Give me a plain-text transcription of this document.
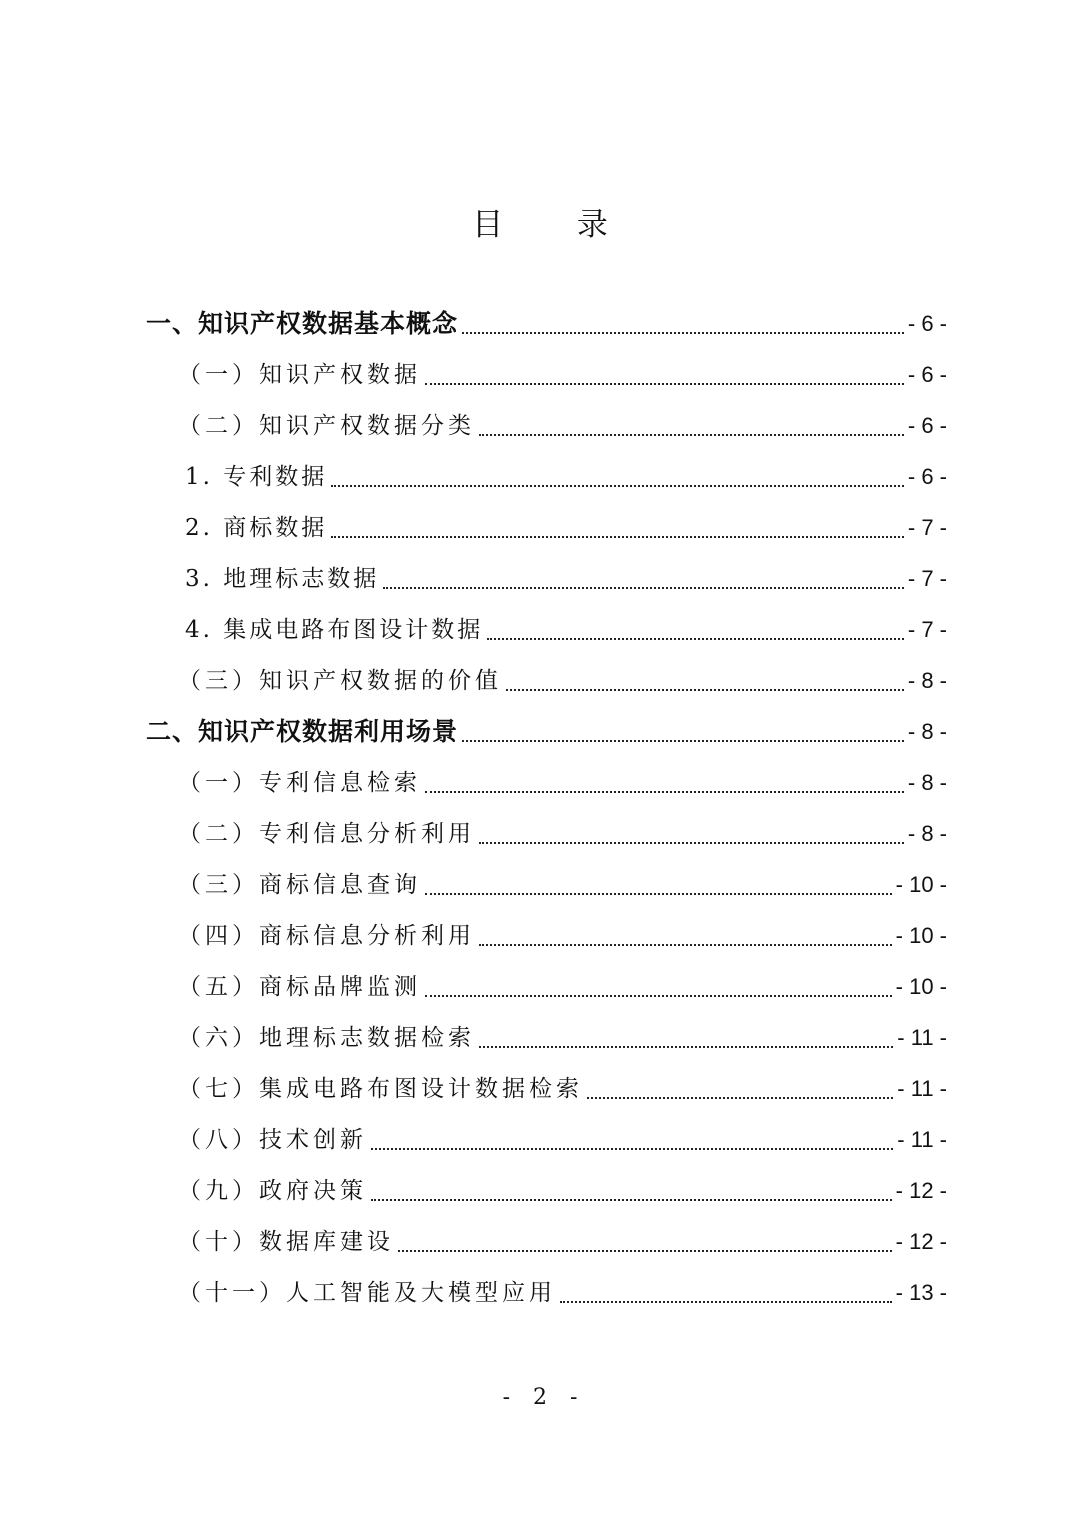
目 录
一、知识产权数据基本概念	- 6 -
（一）知识产权数据	- 6 -
（二）知识产权数据分类	- 6 -
1. 专利数据	- 6 -
2. 商标数据	- 7 -
3. 地理标志数据	- 7 -
4. 集成电路布图设计数据	- 7 -
（三）知识产权数据的价值	- 8 -
二、知识产权数据利用场景	- 8 -
（一）专利信息检索	- 8 -
（二）专利信息分析利用	- 8 -
（三）商标信息查询	- 10 -
（四）商标信息分析利用	- 10 -
（五）商标品牌监测	- 10 -
（六）地理标志数据检索	- 11 -
（七）集成电路布图设计数据检索	- 11 -
（八）技术创新	- 11 -
（九）政府决策	- 12 -
（十）数据库建设	- 12 -
（十一）人工智能及大模型应用	- 13 -
- 2 -
